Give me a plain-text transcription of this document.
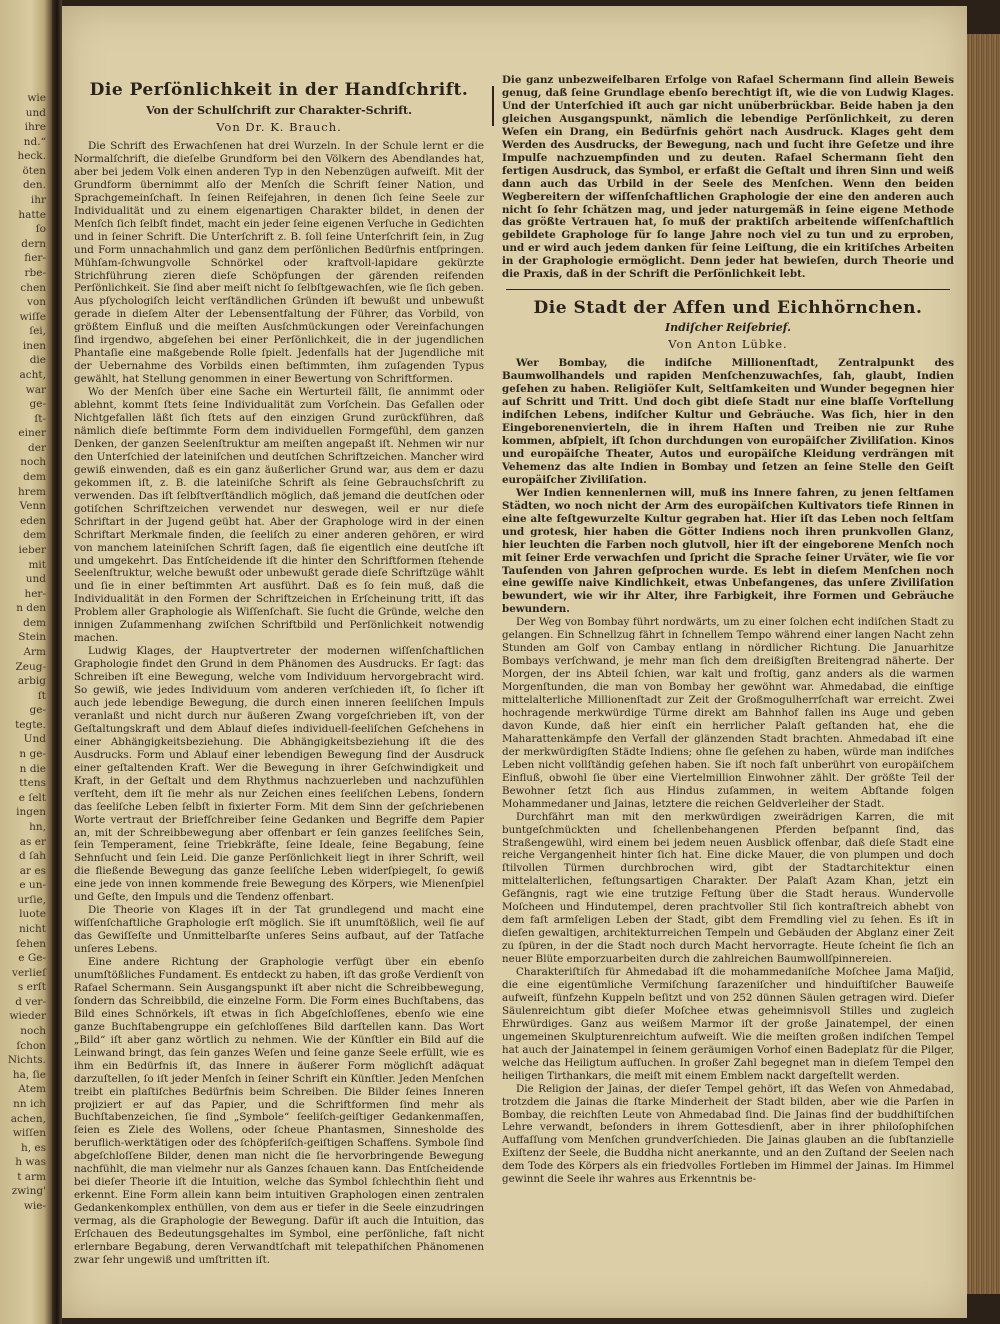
wie
und
ihre
nd.“
heck.
öten
den.
ihr
hatte
ſo
dern
fier-
rbe-
chen
von
wiſſe
ſei,
inen
die
acht,
war
ge-
ſt-
einer
der
noch
dem
hrem
Venn
eden
dem
ieber
mit
und
her-
n den
dem
Stein
Arm
Zeug-
arbig
ſt
ge-
tegte.
Und
n ge-
n die
ttens
e ſelt
ingen
hn,
as er
d ſah
ar es
e un-
urſie,
luote
nicht
ſehen
e Ge-
verlieſ
s erſt
d ver-
wieder
noch
ſchon
Nichts.
ha, ſie
Atem
nn ich
achen,
wiſſen
h, es
h was
t arm
zwing'
wie-
Die Perſönlichkeit in der Handſchrift.
Von der Schulſchrift zur Charakter-Schrift.
Von Dr. K. Brauch.

Die Schrift des Erwachſenen hat drei Wurzeln. In der Schule lernt er die Normalſchrift, die dieſelbe Grundform bei den Völkern des Abendlandes hat, aber bei jedem Volk einen anderen Typ in den Nebenzügen aufweiſt. Mit der Grundform übernimmt alſo der Menſch die Schrift ſeiner Nation, und Sprachgemeinſchaft. In ſeinen Reifejahren, in denen ſich ſeine Seele zur Individualität und zu einem eigenartigen Charakter bildet, in denen der Menſch ſich ſelbſt findet, macht ein jeder ſeine eigenen Verſuche in Gedichten und in ſeiner Schrift. Die Unterſchrift z. B. ſoll ſeine Unterſchrift ſein, in Zug und Form unnachahmlich und ganz dem perſönlichen Bedürfnis entſpringen. Mühſam-ſchwungvolle Schnörkel oder kraftvoll-lapidare gekürzte Strichführung zieren dieſe Schöpfungen der gärenden reifenden Perſönlichkeit. Sie ſind aber meiſt nicht ſo ſelbſtgewachſen, wie ſie ſich geben. Aus pſychologiſch leicht verſtändlichen Gründen iſt bewußt und unbewußt gerade in dieſem Alter der Lebensentfaltung der Führer, das Vorbild, von größtem Einfluß und die meiſten Ausſchmückungen oder Vereinfachungen ſind irgendwo, abgeſehen bei einer Perſönlichkeit, die in der jugendlichen Phantaſie eine maßgebende Rolle ſpielt. Jedenfalls hat der Jugendliche mit der Uebernahme des Vorbilds einen beſtimmten, ihm zuſagenden Typus gewählt, hat Stellung genommen in einer Bewertung von Schriftformen.

Wo der Menſch über eine Sache ein Werturteil fällt, ſie annimmt oder ablehnt, kommt ſtets ſeine Individualität zum Vorſchein. Das Gefallen oder Nichtgefallen läßt ſich ſtets auf den einzigen Grund zurückführen, daß nämlich dieſe beſtimmte Form dem individuellen Formgefühl, dem ganzen Denken, der ganzen Seelenſtruktur am meiſten angepaßt iſt. Nehmen wir nur den Unterſchied der lateiniſchen und deutſchen Schriftzeichen. Mancher wird gewiß einwenden, daß es ein ganz äußerlicher Grund war, aus dem er dazu gekommen iſt, z. B. die lateiniſche Schrift als ſeine Gebrauchsſchrift zu verwenden. Das iſt ſelbſtverſtändlich möglich, daß jemand die deutſchen oder gotiſchen Schriftzeichen verwendet nur deswegen, weil er nur dieſe Schriftart in der Jugend geübt hat. Aber der Graphologe wird in der einen Schriftart Merkmale finden, die ſeeliſch zu einer anderen gehören, er wird von manchem lateiniſchen Schrift ſagen, daß ſie eigentlich eine deutſche iſt und umgekehrt. Das Entſcheidende iſt die hinter den Schriftformen ſtehende Seelenſtruktur, welche bewußt oder unbewußt gerade dieſe Schriftzüge wählt und ſie in einer beſtimmten Art ausführt. Daß es ſo ſein muß, daß die Individualität in den Formen der Schriftzeichen in Erſcheinung tritt, iſt das Problem aller Graphologie als Wiſſenſchaft. Sie ſucht die Gründe, welche den innigen Zuſammenhang zwiſchen Schriftbild und Perſönlichkeit notwendig machen.

Ludwig Klages, der Hauptvertreter der modernen wiſſenſchaftlichen Graphologie findet den Grund in dem Phänomen des Ausdrucks. Er ſagt: das Schreiben iſt eine Bewegung, welche vom Individuum hervorgebracht wird. So gewiß, wie jedes Individuum vom anderen verſchieden iſt, ſo ſicher iſt auch jede lebendige Bewegung, die durch einen inneren ſeeliſchen Impuls veranlaßt und nicht durch nur äußeren Zwang vorgeſchrieben iſt, von der Geſtaltungskraft und dem Ablauf dieſes individuell-ſeeliſchen Geſchehens in einer Abhängigkeitsbeziehung. Die Abhängigkeitsbeziehung iſt die des Ausdrucks. Form und Ablauf einer lebendigen Bewegung ſind der Ausdruck einer geſtaltenden Kraft. Wer die Bewegung in ihrer Geſchwindigkeit und Kraft, in der Geſtalt und dem Rhythmus nachzuerleben und nachzufühlen verſteht, dem iſt ſie mehr als nur Zeichen eines ſeeliſchen Lebens, ſondern das ſeeliſche Leben ſelbſt in fixierter Form. Mit dem Sinn der geſchriebenen Worte vertraut der Briefſchreiber ſeine Gedanken und Begriffe dem Papier an, mit der Schreibbewegung aber offenbart er ſein ganzes ſeeliſches Sein, ſein Temperament, ſeine Triebkräfte, ſeine Ideale, ſeine Begabung, ſeine Sehnſucht und ſein Leid. Die ganze Perſönlichkeit liegt in ihrer Schrift, weil die fließende Bewegung das ganze ſeeliſche Leben widerſpiegelt, ſo gewiß eine jede von innen kommende freie Bewegung des Körpers, wie Mienenſpiel und Geſte, den Impuls und die Tendenz offenbart.

Die Theorie von Klages iſt in der Tat grundlegend und macht eine wiſſenſchaftliche Graphologie erſt möglich. Sie iſt unumſtößlich, weil ſie auf das Gewiſſeſte und Unmittelbarſte unſeres Seins aufbaut, auf der Tatſache unſeres Lebens.

Eine andere Richtung der Graphologie verfügt über ein ebenſo unumſtößliches Fundament. Es entdeckt zu haben, iſt das große Verdienſt von Rafael Schermann. Sein Ausgangspunkt iſt aber nicht die Schreibbewegung, ſondern das Schreibbild, die einzelne Form. Die Form eines Buchſtabens, das Bild eines Schnörkels, iſt etwas in ſich Abgeſchloſſenes, ebenſo wie eine ganze Buchſtabengruppe ein geſchloſſenes Bild darſtellen kann. Das Wort „Bild“ iſt aber ganz wörtlich zu nehmen. Wie der Künſtler ein Bild auf die Leinwand bringt, das ſein ganzes Weſen und ſeine ganze Seele erfüllt, wie es ihm ein Bedürfnis iſt, das Innere in äußerer Form möglichſt adäquat darzuſtellen, ſo iſt jeder Menſch in ſeiner Schrift ein Künſtler. Jeden Menſchen treibt ein plaſtiſches Bedürfnis beim Schreiben. Die Bilder ſeines Inneren projiziert er auf das Papier, und die Schriftformen ſind mehr als Buchſtabenzeichen, ſie ſind „Symbole“ ſeeliſch-geiſtiger Gedankenmaſſen, ſeien es Ziele des Wollens, oder ſcheue Phantasmen, Sinnesholde des beruflich-werktätigen oder des ſchöpferiſch-geiſtigen Schaffens. Symbole ſind abgeſchloſſene Bilder, denen man nicht die ſie hervorbringende Bewegung nachfühlt, die man vielmehr nur als Ganzes ſchauen kann. Das Entſcheidende bei dieſer Theorie iſt die Intuition, welche das Symbol ſchlechthin ſieht und erkennt. Eine Form allein kann beim intuitiven Graphologen einen zentralen Gedankenkomplex enthüllen, von dem aus er tiefer in die Seele einzudringen vermag, als die Graphologie der Bewegung. Dafür iſt auch die Intuition, das Erſchauen des Bedeutungsgehaltes im Symbol, eine perſönliche, faſt nicht erlernbare Begabung, deren Verwandtſchaft mit telepathiſchen Phänomenen zwar ſehr ungewiß und umſtritten iſt.

Die ganz unbezweifelbaren Erfolge von Rafael Schermann ſind allein Beweis genug, daß ſeine Grundlage ebenſo berechtigt iſt, wie die von Ludwig Klages. Und der Unterſchied iſt auch gar nicht unüberbrückbar. Beide haben ja den gleichen Ausgangspunkt, nämlich die lebendige Perſönlichkeit, zu deren Weſen ein Drang, ein Bedürfnis gehört nach Ausdruck. Klages geht dem Werden des Ausdrucks, der Bewegung, nach und ſucht ihre Geſetze und ihre Impulſe nachzuempfinden und zu deuten. Rafael Schermann ſieht den fertigen Ausdruck, das Symbol, er erfaßt die Geſtalt und ihren Sinn und weiß dann auch das Urbild in der Seele des Menſchen. Wenn den beiden Wegbereitern der wiſſenſchaftlichen Graphologie der eine den anderen auch nicht ſo ſehr ſchätzen mag, und jeder naturgemäß in ſeine eigene Methode das größte Vertrauen hat, ſo muß der praktiſch arbeitende wiſſenſchaftlich gebildete Graphologe für ſo lange Jahre noch viel zu tun und zu erproben, und er wird auch jedem danken für ſeine Leiſtung, die ein kritiſches Arbeiten in der Graphologie ermöglicht. Denn jeder hat bewieſen, durch Theorie und die Praxis, daß in der Schrift die Perſönlichkeit lebt.

Die Stadt der Affen und Eichhörnchen.
Indiſcher Reiſebrief.
Von Anton Lübke.

Wer Bombay, die indiſche Millionenſtadt, Zentralpunkt des Baumwollhandels und rapiden Menſchenzuwachſes, ſah, glaubt, Indien geſehen zu haben. Religiöſer Kult, Seltſamkeiten und Wunder begegnen hier auf Schritt und Tritt. Und doch gibt dieſe Stadt nur eine blaſſe Vorſtellung indiſchen Lebens, indiſcher Kultur und Gebräuche. Was ſich, hier in den Eingeborenenvierteln, die in ihrem Haſten und Treiben nie zur Ruhe kommen, abſpielt, iſt ſchon durchdungen von europäiſcher Ziviliſation. Kinos und europäiſche Theater, Autos und europäiſche Kleidung verdrängen mit Vehemenz das alte Indien in Bombay und ſetzen an ſeine Stelle den Geiſt europäiſcher Ziviliſation.

Wer Indien kennenlernen will, muß ins Innere fahren, zu jenen ſeltſamen Städten, wo noch nicht der Arm des europäiſchen Kultivators tiefe Rinnen in eine alte feſtgewurzelte Kultur gegraben hat. Hier iſt das Leben noch ſeltſam und grotesk, hier haben die Götter Indiens noch ihren prunkvollen Glanz, hier leuchten die Farben noch glutvoll, hier iſt der eingeborene Menſch noch mit ſeiner Erde verwachſen und ſpricht die Sprache ſeiner Urväter, wie ſie vor Tauſenden von Jahren geſprochen wurde. Es lebt in dieſem Menſchen noch eine gewiſſe naive Kindlichkeit, etwas Unbefangenes, das unſere Ziviliſation bewundert, wie wir ihr Alter, ihre Farbigkeit, ihre Formen und Gebräuche bewundern.

Der Weg von Bombay führt nordwärts, um zu einer ſolchen echt indiſchen Stadt zu gelangen. Ein Schnellzug fährt in ſchnellem Tempo während einer langen Nacht zehn Stunden am Golf von Cambay entlang in nördlicher Richtung. Die Januarhitze Bombays verſchwand, je mehr man ſich dem dreißigſten Breitengrad näherte. Der Morgen, der ins Abteil ſchien, war kalt und froſtig, ganz anders als die warmen Morgenſtunden, die man von Bombay her gewöhnt war. Ahmedabad, die einſtige mittelalterliche Millionenſtadt zur Zeit der Großmogulherrſchaft war erreicht. Zwei hochragende merkwürdige Türme direkt am Bahnhof fallen ins Auge und geben davon Kunde, daß hier einſt ein herrlicher Palaſt geſtanden hat, ehe die Maharattenkämpfe den Verfall der glänzenden Stadt brachten. Ahmedabad iſt eine der merkwürdigſten Städte Indiens; ohne ſie geſehen zu haben, würde man indiſches Leben nicht vollſtändig geſehen haben. Sie iſt noch faſt unberührt von europäiſchem Einfluß, obwohl ſie über eine Viertelmillion Einwohner zählt. Der größte Teil der Bewohner ſetzt ſich aus Hindus zuſammen, in weitem Abſtande folgen Mohammedaner und Jainas, letztere die reichen Geldverleiher der Stadt.

Durchfährt man mit den merkwürdigen zweirädrigen Karren, die mit buntgeſchmückten und ſchellenbehangenen Pferden beſpannt ſind, das Straßengewühl, wird einem bei jedem neuen Ausblick offenbar, daß dieſe Stadt eine reiche Vergangenheit hinter ſich hat. Eine dicke Mauer, die von plumpen und doch ſtilvollen Türmen durchbrochen wird, gibt der Stadtarchitektur einen mittelalterlichen, feſtungsartigen Charakter. Der Palaſt Azam Khan, jetzt ein Gefängnis, ragt wie eine trutzige Feſtung über die Stadt heraus. Wundervolle Moſcheen und Hindutempel, deren prachtvoller Stil ſich kontraſtreich abhebt von dem faſt armſeligen Leben der Stadt, gibt dem Fremdling viel zu ſehen. Es iſt in dieſen gewaltigen, architekturreichen Tempeln und Gebäuden der Abglanz einer Zeit zu ſpüren, in der die Stadt noch durch Macht hervorragte. Heute ſcheint ſie ſich an neuer Blüte emporzuarbeiten durch die zahlreichen Baumwollſpinnereien.

Charakteriſtiſch für Ahmedabad iſt die mohammedaniſche Moſchee Jama Maſjid, die eine eigentümliche Vermiſchung ſarazeniſcher und hinduiſtiſcher Bauweiſe aufweiſt, fünfzehn Kuppeln beſitzt und von 252 dünnen Säulen getragen wird. Dieſer Säulenreichtum gibt dieſer Moſchee etwas geheimnisvoll Stilles und zugleich Ehrwürdiges. Ganz aus weißem Marmor iſt der große Jainatempel, der einen ungemeinen Skulpturenreichtum aufweiſt. Wie die meiſten großen indiſchen Tempel hat auch der Jainatempel in ſeinem geräumigen Vorhof einen Badeplatz für die Pilger, welche das Heiligtum aufſuchen. In großer Zahl begegnet man in dieſem Tempel den heiligen Tirthankars, die meiſt mit einem Emblem nackt dargeſtellt werden.

Die Religion der Jainas, der dieſer Tempel gehört, iſt das Weſen von Ahmedabad, trotzdem die Jainas die ſtarke Minderheit der Stadt bilden, aber wie die Parſen in Bombay, die reichſten Leute von Ahmedabad ſind. Die Jainas ſind der buddhiſtiſchen Lehre verwandt, beſonders in ihrem Gottesdienſt, aber in ihrer philoſophiſchen Auffaſſung vom Menſchen grundverſchieden. Die Jainas glauben an die ſubſtanzielle Exiſtenz der Seele, die Buddha nicht anerkannte, und an den Zuſtand der Seelen nach dem Tode des Körpers als ein friedvolles Fortleben im Himmel der Jainas. Im Himmel gewinnt die Seele ihr wahres aus Erkenntnis be-
